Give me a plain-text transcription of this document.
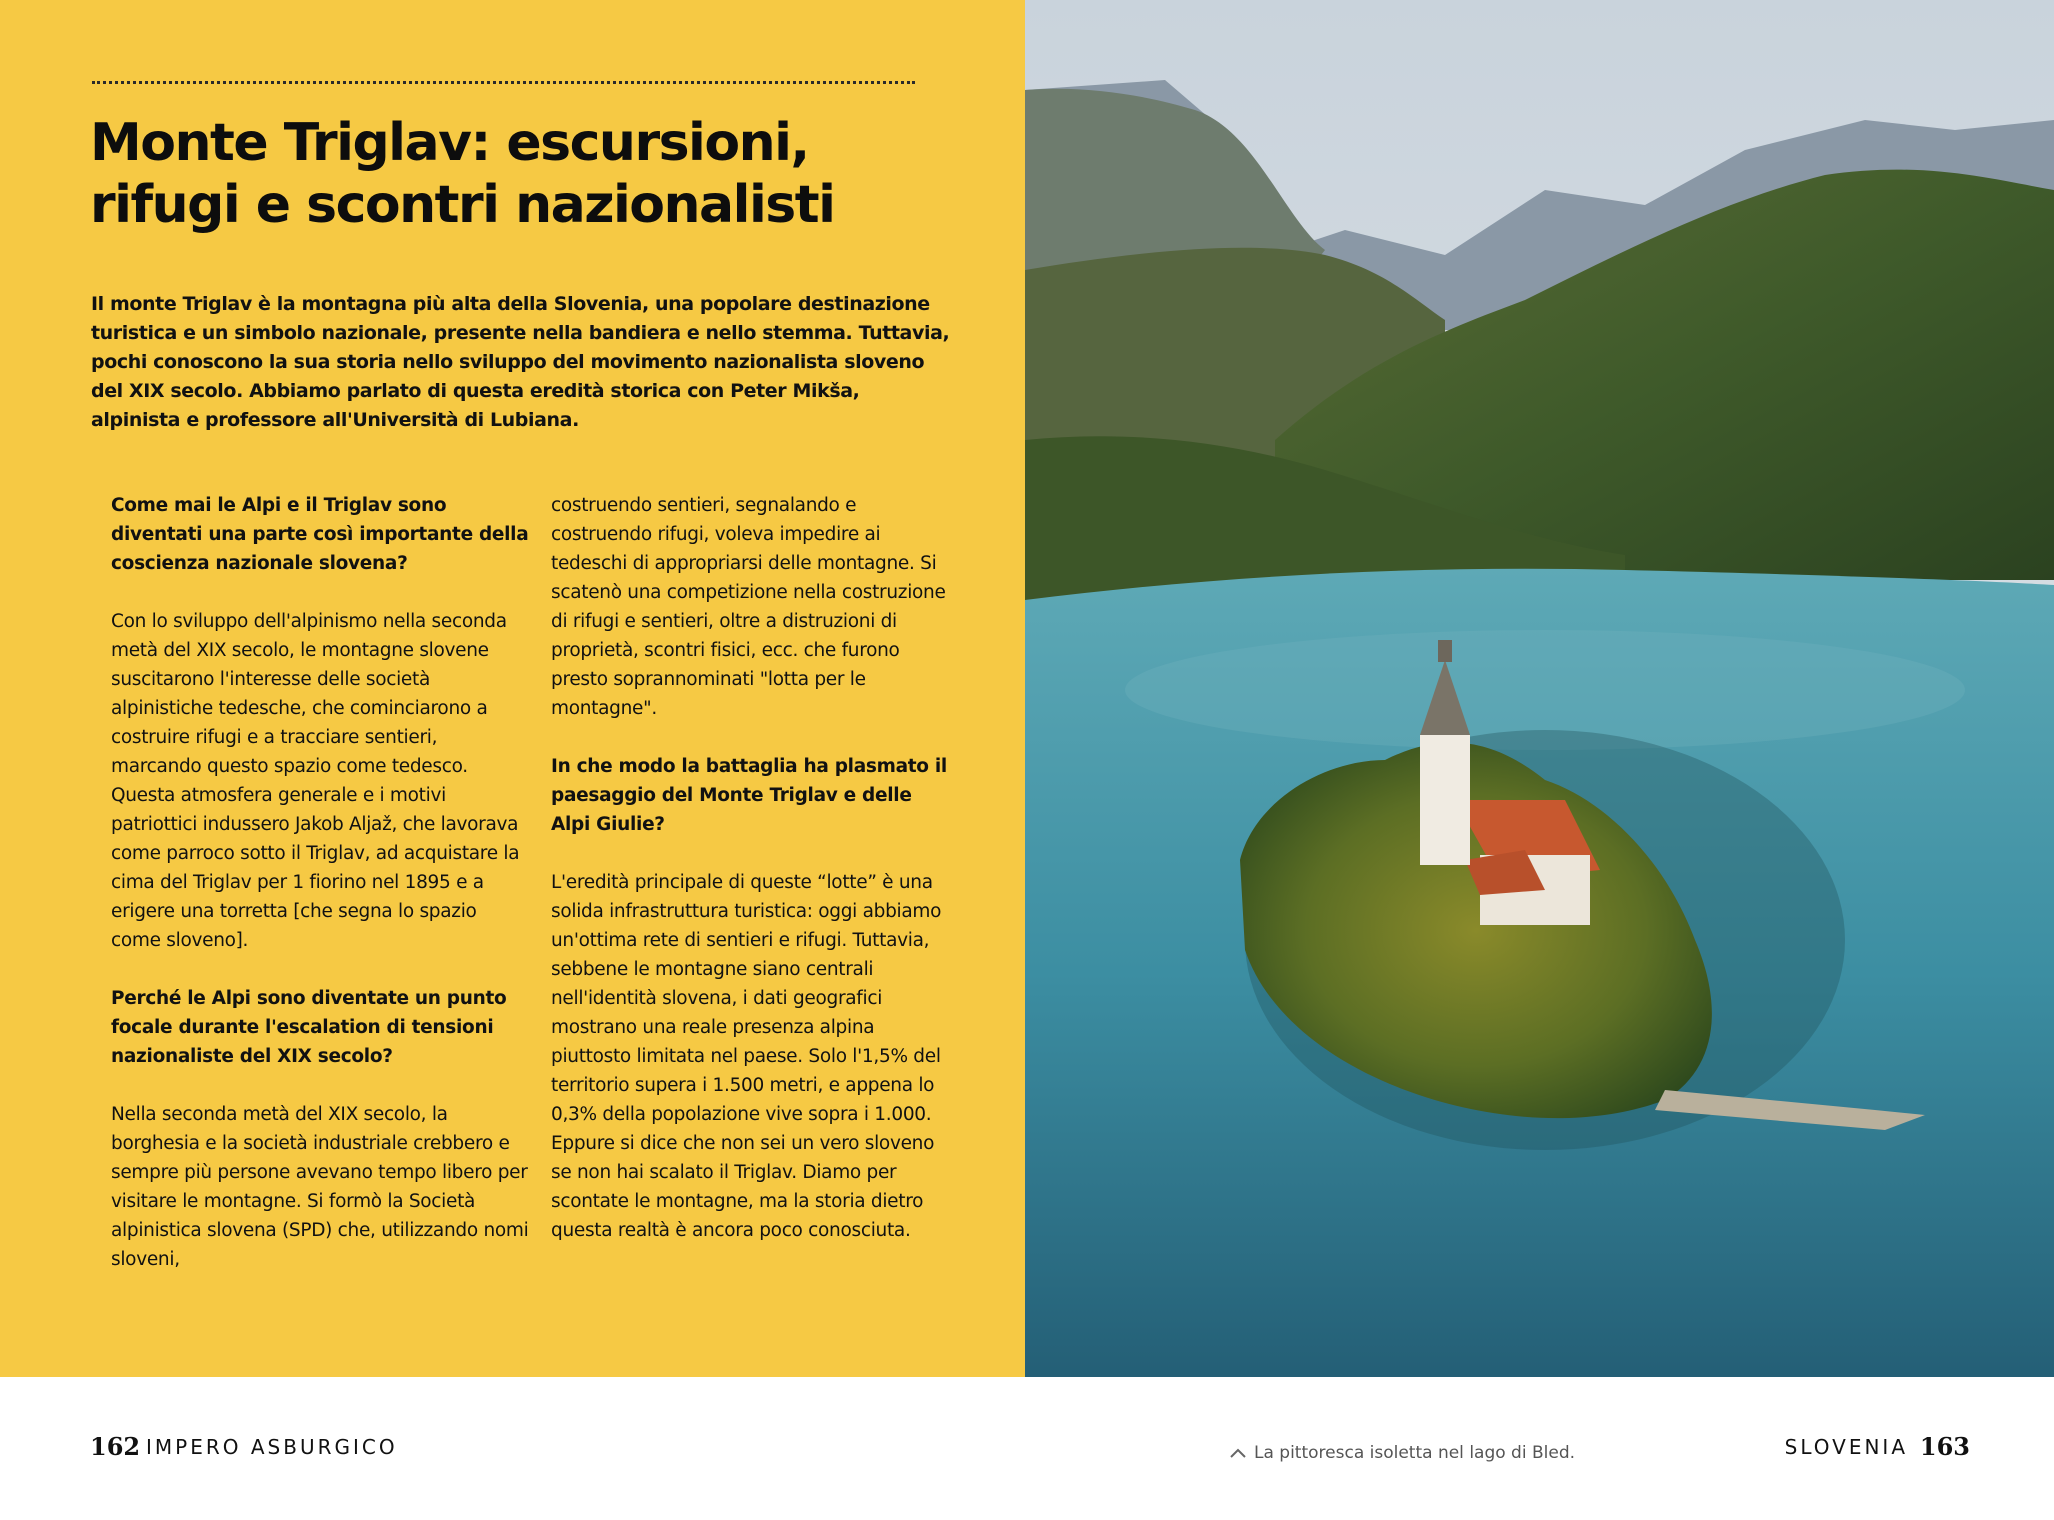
Monte Triglav: escursioni, rifugi e scontri nazionalisti

Il monte Triglav è la montagna più alta della Slovenia, una popolare destinazione turistica e un simbolo nazionale, presente nella bandiera e nello stemma. Tuttavia, pochi conoscono la sua storia nello sviluppo del movimento nazionalista sloveno del XIX secolo. Abbiamo parlato di questa eredità storica con Peter Mikša, alpinista e professore all'Università di Lubiana.

Come mai le Alpi e il Triglav sono diventati una parte così importante della coscienza nazionale slovena?

Con lo sviluppo dell'alpinismo nella seconda metà del XIX secolo, le montagne slovene suscitarono l'interesse delle società alpinistiche tedesche, che cominciarono a costruire rifugi e a tracciare sentieri, marcando questo spazio come tedesco. Questa atmosfera generale e i motivi patriottici indussero Jakob Aljaž, che lavorava come parroco sotto il Triglav, ad acquistare la cima del Triglav per 1 fiorino nel 1895 e a erigere una torretta [che segna lo spazio come sloveno].

Perché le Alpi sono diventate un punto focale durante l'escalation di tensioni nazionaliste del XIX secolo?

Nella seconda metà del XIX secolo, la borghesia e la società industriale crebbero e sempre più persone avevano tempo libero per visitare le montagne. Si formò la Società alpinistica slovena (SPD) che, utilizzando nomi sloveni,

costruendo sentieri, segnalando e costruendo rifugi, voleva impedire ai tedeschi di appropriarsi delle montagne. Si scatenò una competizione nella costruzione di rifugi e sentieri, oltre a distruzioni di proprietà, scontri fisici, ecc. che furono presto soprannominati "lotta per le montagne".

In che modo la battaglia ha plasmato il paesaggio del Monte Triglav e delle Alpi Giulie?

L'eredità principale di queste “lotte” è una solida infrastruttura turistica: oggi abbiamo un'ottima rete di sentieri e rifugi. Tuttavia, sebbene le montagne siano centrali nell'identità slovena, i dati geografici mostrano una reale presenza alpina piuttosto limitata nel paese. Solo l'1,5% del territorio supera i 1.500 metri, e appena lo 0,3% della popolazione vive sopra i 1.000. Eppure si dice che non sei un vero sloveno se non hai scalato il Triglav. Diamo per scontate le montagne, ma la storia dietro questa realtà è ancora poco conosciuta.

162 IMPERO ASBURGICO	La pittoresca isoletta nel lago di Bled.	SLOVENIA 163
